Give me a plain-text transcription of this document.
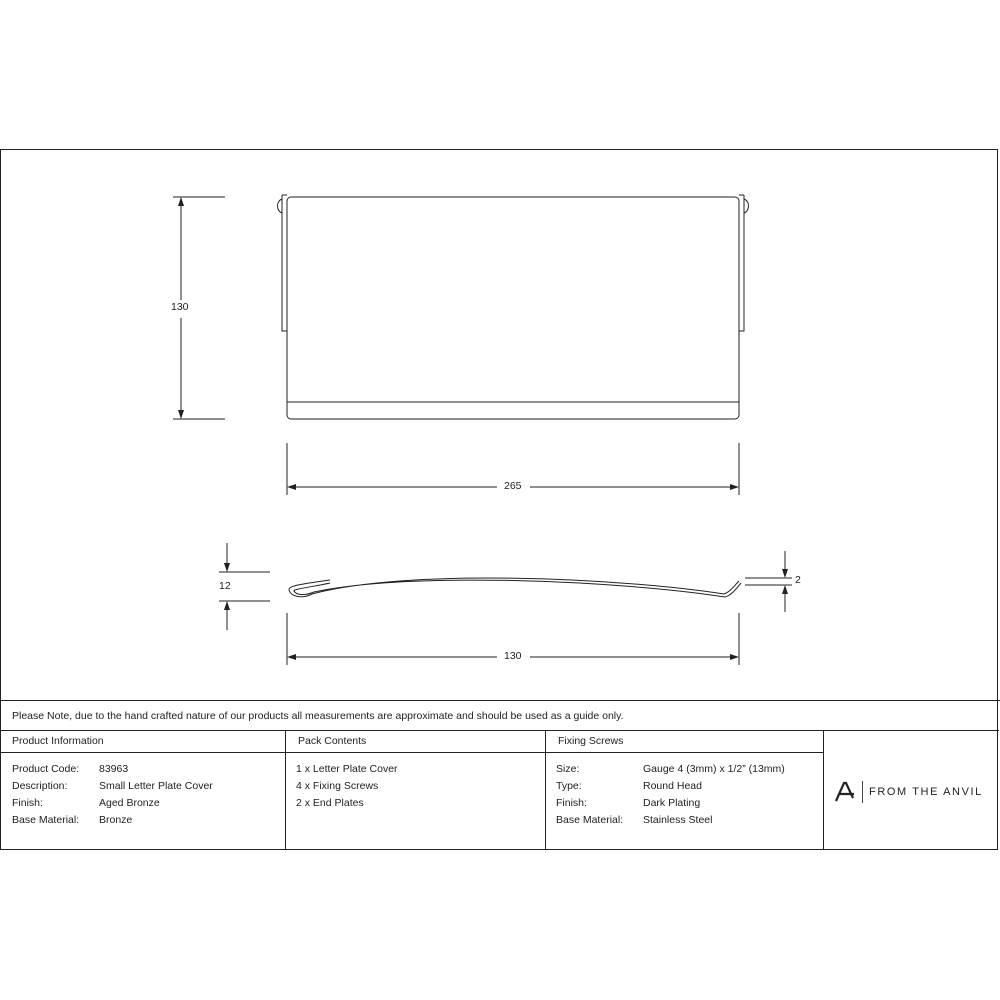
130
265
12	2
130
Please Note, due to the hand crafted nature of our products all measurements are approximate and should be used as a guide only.
Product Information
Product Code: 83963
Description:	Small Letter Plate Cover
Finish:	Aged Bronze
Base Material: Bronze
Pack Contents
1 x Letter Plate Cover
4 x Fixing Screws
2 x End Plates
Fixing Screws
Size:	Gauge 4 (3mm) x 1/2” (13mm)
Type:	Round Head
Finish:	Dark Plating
Base Material: Stainless Steel
FROM THE ANVIL
